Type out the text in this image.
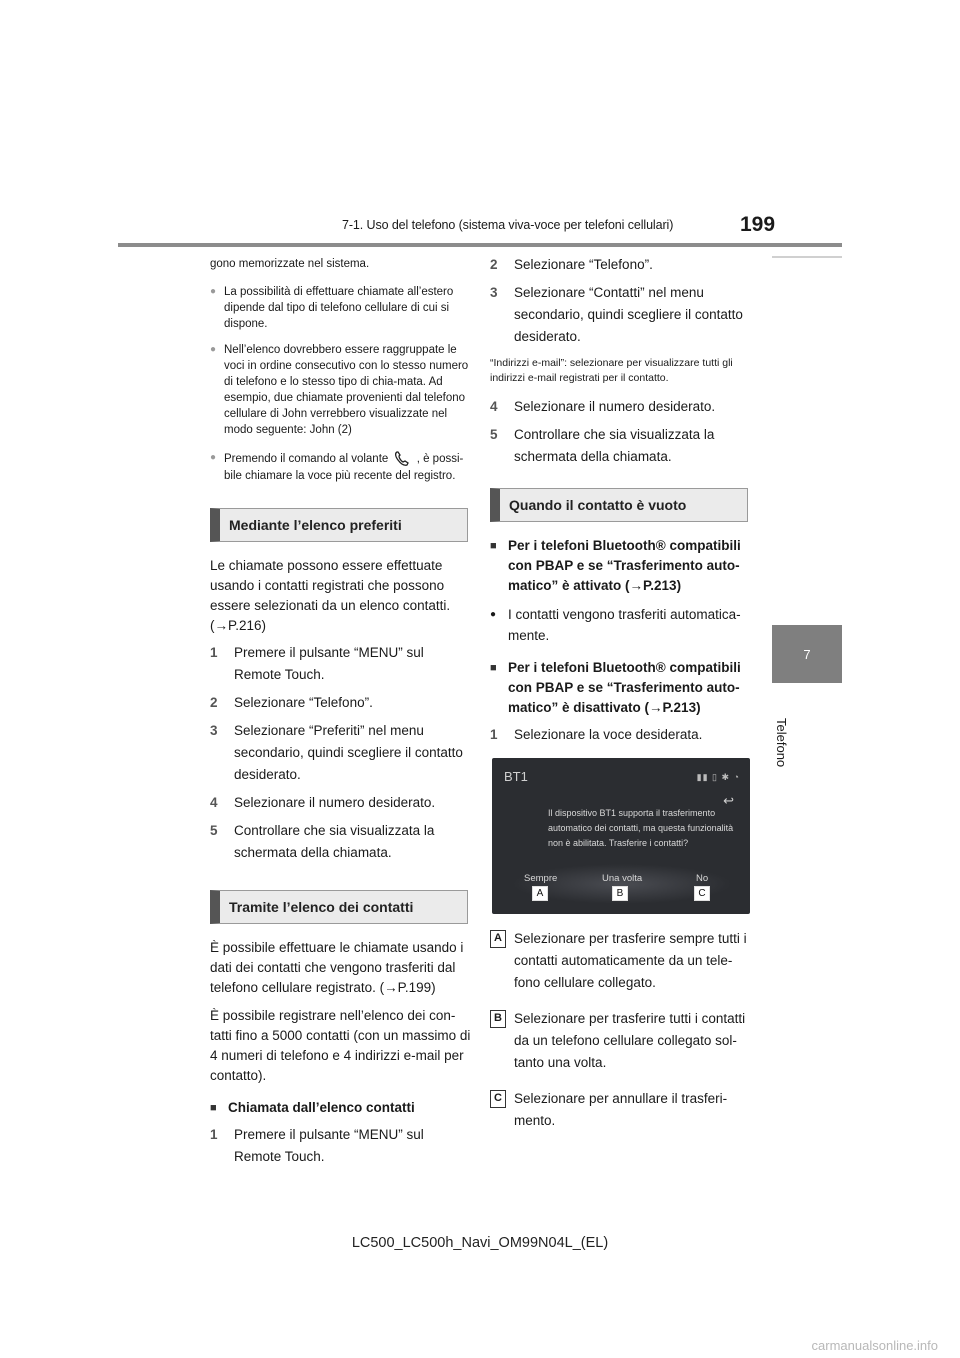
7-1. Uso del telefono (sistema viva-voce per telefoni cellulari)	199
7
Telefono
gono memorizzate nel sistema.
● La possibilità di effettuare chiamate all’estero dipende dal tipo di telefono cellulare di cui si dispone.
● Nell’elenco dovrebbero essere raggruppate le voci in ordine consecutivo con lo stesso numero di telefono e lo stesso tipo di chia-mata. Ad esempio, due chiamate provenienti dal telefono cellulare di John verrebbero visualizzate nel modo seguente: John (2)
● Premendo il comando al volante , è possi-bile chiamare la voce più recente del registro.
Mediante l’elenco preferiti
Le chiamate possono essere effettuate usando i contatti registrati che possono essere selezionati da un elenco contatti. (→P.216)
1 Premere il pulsante “MENU” sul Remote Touch.
2 Selezionare “Telefono”.
3 Selezionare “Preferiti” nel menu secondario, quindi scegliere il contatto desiderato.
4 Selezionare il numero desiderato.
5 Controllare che sia visualizzata la schermata della chiamata.
Tramite l’elenco dei contatti
È possibile effettuare le chiamate usando i dati dei contatti che vengono trasferiti dal telefono cellulare registrato. (→P.199)
È possibile registrare nell’elenco dei con-tatti fino a 5000 contatti (con un massimo di 4 numeri di telefono e 4 indirizzi e-mail per contatto).
■ Chiamata dall’elenco contatti
1 Premere il pulsante “MENU” sul Remote Touch.
2 Selezionare “Telefono”.
3 Selezionare “Contatti” nel menu secondario, quindi scegliere il contatto desiderato.
“Indirizzi e-mail”: selezionare per visualizzare tutti gli indirizzi e-mail registrati per il contatto.
4 Selezionare il numero desiderato.
5 Controllare che sia visualizzata la schermata della chiamata.
Quando il contatto è vuoto
■ Per i telefoni Bluetooth® compatibili con PBAP e se “Trasferimento auto-matico” è attivato (→P.213)
● I contatti vengono trasferiti automatica-mente.
■ Per i telefoni Bluetooth® compatibili con PBAP e se “Trasferimento auto-matico” è disattivato (→P.213)
1 Selezionare la voce desiderata.
BT1	▮▮ ▯ ✱ ◔
↩
Il dispositivo BT1 supporta il trasferimento automatico dei contatti, ma questa funzionalità non è abilitata. Trasferire i contatti?
Sempre	Una volta	No
A	B	C
A Selezionare per trasferire sempre tutti i contatti automaticamente da un tele-fono cellulare collegato.
B Selezionare per trasferire tutti i contatti da un telefono cellulare collegato sol-tanto una volta.
C Selezionare per annullare il trasferi-mento.
LC500_LC500h_Navi_OM99N04L_(EL)
carmanualsonline.info
